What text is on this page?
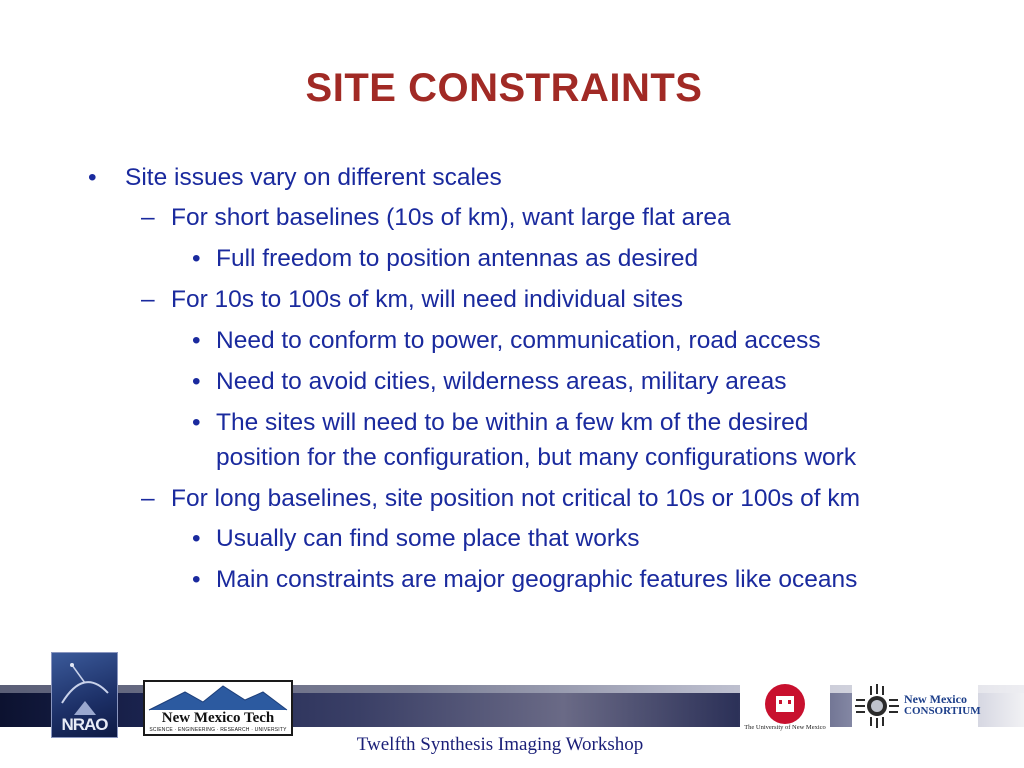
SITE CONSTRAINTS
• Site issues vary on different scales
– For short baselines (10s of km), want large flat area
• Full freedom to position antennas as desired
– For 10s to 100s of km, will need individual sites
• Need to conform to power, communication, road access
• Need to avoid cities, wilderness areas, military areas
• The sites will need to be within a few km of the desired
position for the configuration, but many configurations work
– For long baselines, site position not critical to 10s or 100s of km
• Usually can find some place that works
• Main constraints are major geographic features like oceans
NRAO	New Mexico Tech
SCIENCE · ENGINEERING · RESEARCH · UNIVERSITY	The University of New Mexico
New Mexico
CONSORTIUM
Twelfth Synthesis Imaging Workshop
